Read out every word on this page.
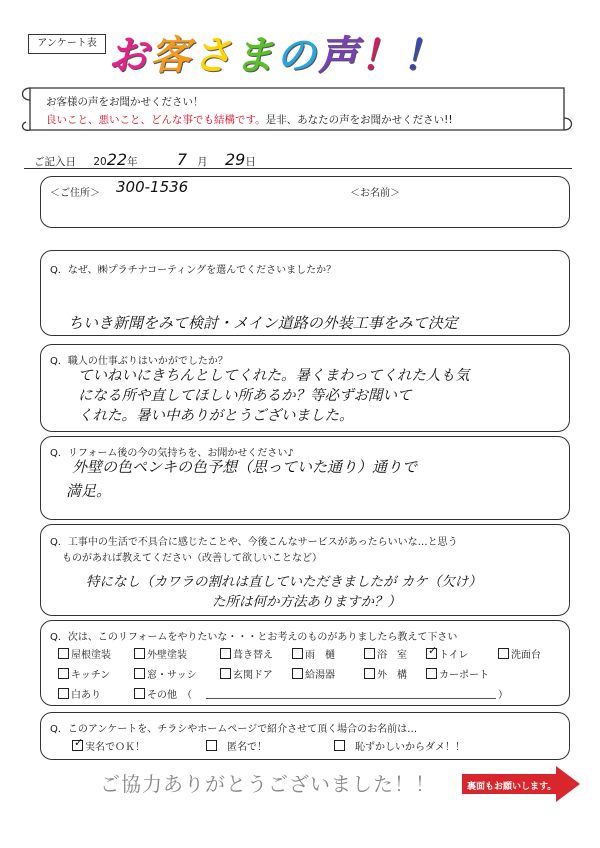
アンケート表 お客さまの声！！
お客様の声をお聞かせください！
良いこと、悪いこと、どんな事でも結構です。是非、あなたの声をお聞かせください!!
ご記入日 2022年 7 月 29日
＜ご住所＞ 300-1536	＜お名前＞
Q．なぜ、㈱プラチナコーティングを選んでくださいましたか？
ちいき新聞をみて検討・メイン道路の外装工事をみて決定
Q．職人の仕事ぶりはいかがでしたか？
ていねいにきちんとしてくれた。暑くまわってくれた人も気
になる所や直してほしい所あるか？等必ずお聞いて
くれた。暑い中ありがとうございました。
Q．リフォーム後の今の気持ちを、お聞かせください♪
外壁の色ペンキの色予想（思っていた通り）通りで
満足。
Q．工事中の生活で不具合に感じたことや、今後こんなサービスがあったらいいな…と思う
ものがあれば教えてください（改善して欲しいことなど）
特になし（カワラの割れは直していただきましたが カケ（欠け）
た所は何か方法ありますか？）
Q．次は、このリフォームをやりたいな・・・とお考えのものがありましたら教えて下さい
屋根塗装	外壁塗装	葺き替え	雨　樋	浴　室 ✓ トイレ	洗面台
キッチン	窓・サッシ	玄関ドア	給湯器	外　構	カーポート
白あり	その他　（	）
Q．このアンケートを、チラシやホームページで紹介させて頂く場合のお名前は…
✓ 実名でＯＫ！	匿名で！	恥ずかしいからダメ！！
ご協力ありがとうございました！！	裏面もお願いします。
